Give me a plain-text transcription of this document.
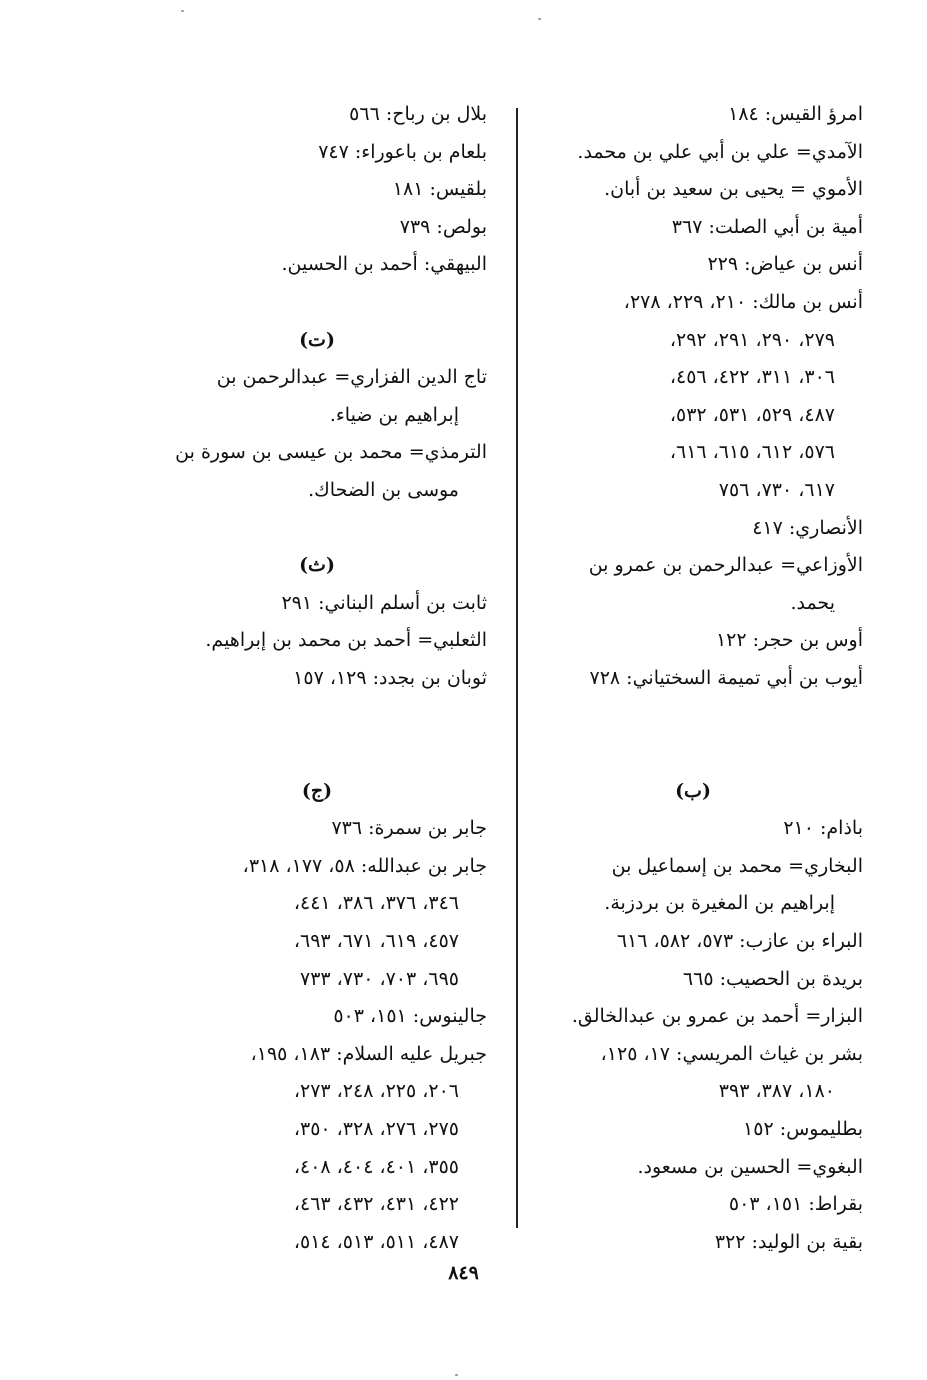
امرؤ القيس: ١٨٤
الآمدي= علي بن أبي علي بن محمد.
الأموي = يحيى بن سعيد بن أبان.
أمية بن أبي الصلت: ٣٦٧
أنس بن عياض: ٢٢٩
أنس بن مالك: ٢١٠، ٢٢٩، ٢٧٨،
٢٧٩، ٢٩٠، ٢٩١، ٢٩٢،
٣٠٦، ٣١١، ٤٢٢، ٤٥٦،
٤٨٧، ٥٢٩، ٥٣١، ٥٣٢،
٥٧٦، ٦١٢، ٦١٥، ٦١٦،
٦١٧، ٧٣٠، ٧٥٦
الأنصاري: ٤١٧
الأوزاعي= عبدالرحمن بن عمرو بن
يحمد.
أوس بن حجر: ١٢٢
أيوب بن أبي تميمة السختياني: ٧٢٨
(ب)
باذام: ٢١٠
البخاري= محمد بن إسماعيل بن
إبراهيم بن المغيرة بن بردزبة.
البراء بن عازب: ٥٧٣، ٥٨٢، ٦١٦
بريدة بن الحصيب: ٦٦٥
البزار= أحمد بن عمرو بن عبدالخالق.
بشر بن غياث المريسي: ١٧، ١٢٥،
١٨٠، ٣٨٧، ٣٩٣
بطليموس: ١٥٢
البغوي= الحسين بن مسعود.
بقراط: ١٥١، ٥٠٣
بقية بن الوليد: ٣٢٢
بلال بن رباح: ٥٦٦
بلعام بن باعوراء: ٧٤٧
بلقيس: ١٨١
بولص: ٧٣٩
البيهقي: أحمد بن الحسين.
(ت)
تاج الدين الفزاري= عبدالرحمن بن
إبراهيم بن ضياء.
الترمذي= محمد بن عيسى بن سورة بن
موسى بن الضحاك.
(ث)
ثابت بن أسلم البناني: ٢٩١
الثعلبي= أحمد بن محمد بن إبراهيم.
ثوبان بن بجدد: ١٢٩، ١٥٧
(ج)
جابر بن سمرة: ٧٣٦
جابر بن عبدالله: ٥٨، ١٧٧، ٣١٨،
٣٤٦، ٣٧٦، ٣٨٦، ٤٤١،
٤٥٧، ٦١٩، ٦٧١، ٦٩٣،
٦٩٥، ٧٠٣، ٧٣٠، ٧٣٣
جالينوس: ١٥١، ٥٠٣
جبريل عليه السلام: ١٨٣، ١٩٥،
٢٠٦، ٢٢٥، ٢٤٨، ٢٧٣،
٢٧٥، ٢٧٦، ٣٢٨، ٣٥٠،
٣٥٥، ٤٠١، ٤٠٤، ٤٠٨،
٤٢٢، ٤٣١، ٤٣٢، ٤٦٣،
٤٨٧، ٥١١، ٥١٣، ٥١٤،
٨٤٩
